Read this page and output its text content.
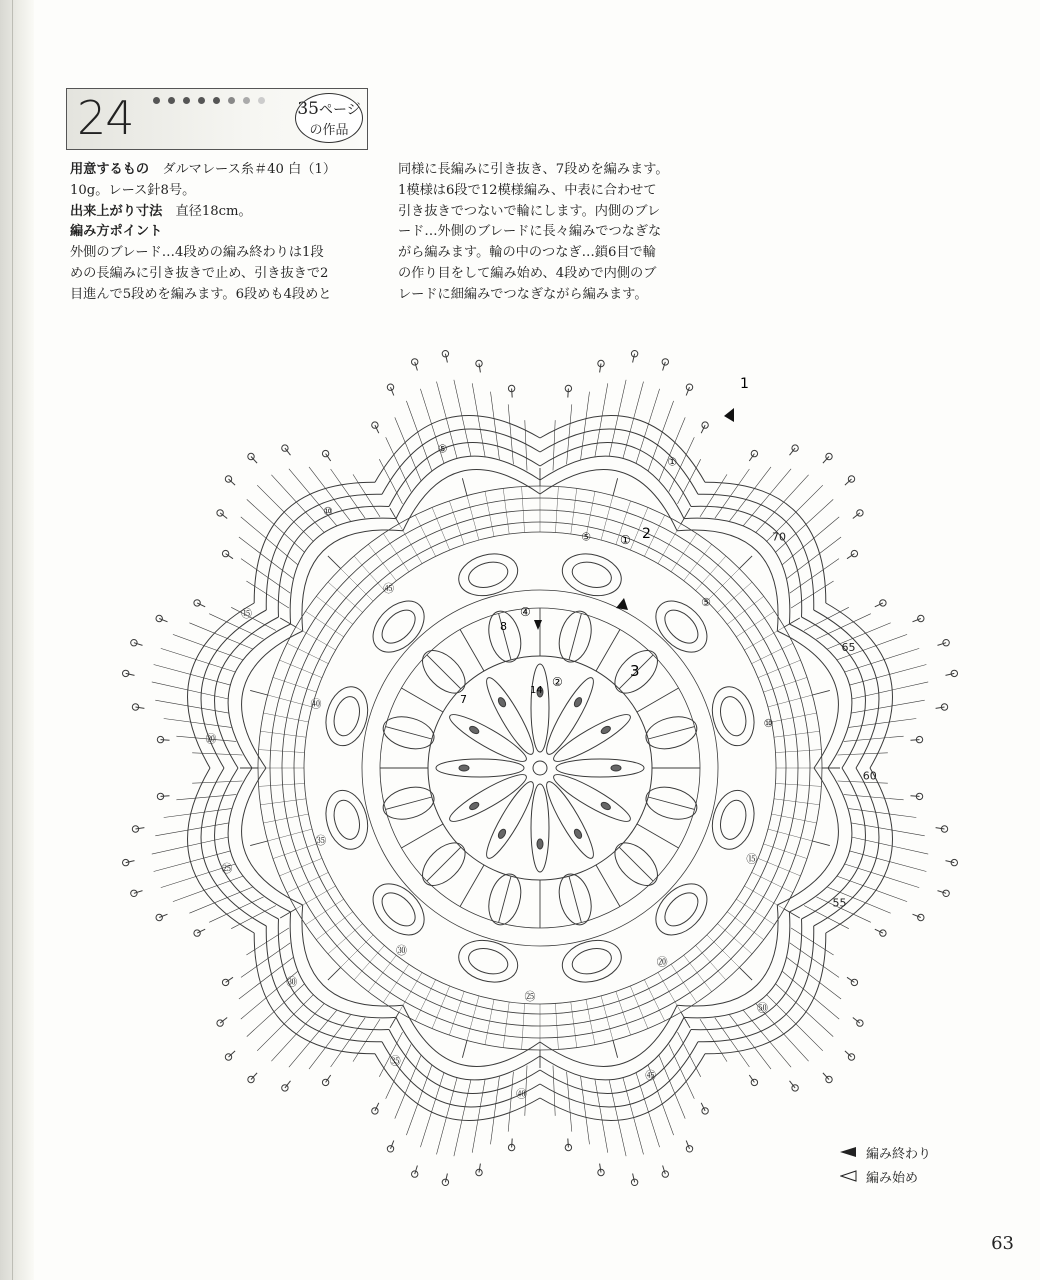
24	35ページ
の作品
用意するもの　 ダルマレース糸＃40 白（1）
10g。レース針8号。
出来上がり寸法　 直径18cm。
編み方ポイント
外側のブレード…4段めの編み終わりは1段
めの長編みに引き抜きで止め、引き抜きで2
目進んで5段めを編みます。6段めも4段めと
同様に長編みに引き抜き、7段めを編みます。
1模様は6段で12模様編み、中表に合わせて
引き抜きでつないで輪にします。内側のブレ
ード…外側のブレードに長々編みでつなぎな
がら編みます。輪の中のつなぎ…鎖6目で輪
の作り目をして編み始め、4段めで内側のブ
レードに細編みでつなぎながら編みます。
⑤
⑤
⑩
⑮
⑳
㉕
㉚
㉟
㊵
㊺
⑤
⑩
⑮
⑳
㉕
㉚
㉟
㊵
㊺
㊿
55
60
65
70
①
1
2
①
3
④
8
7
14
②
編み終わり
編み始め
63
